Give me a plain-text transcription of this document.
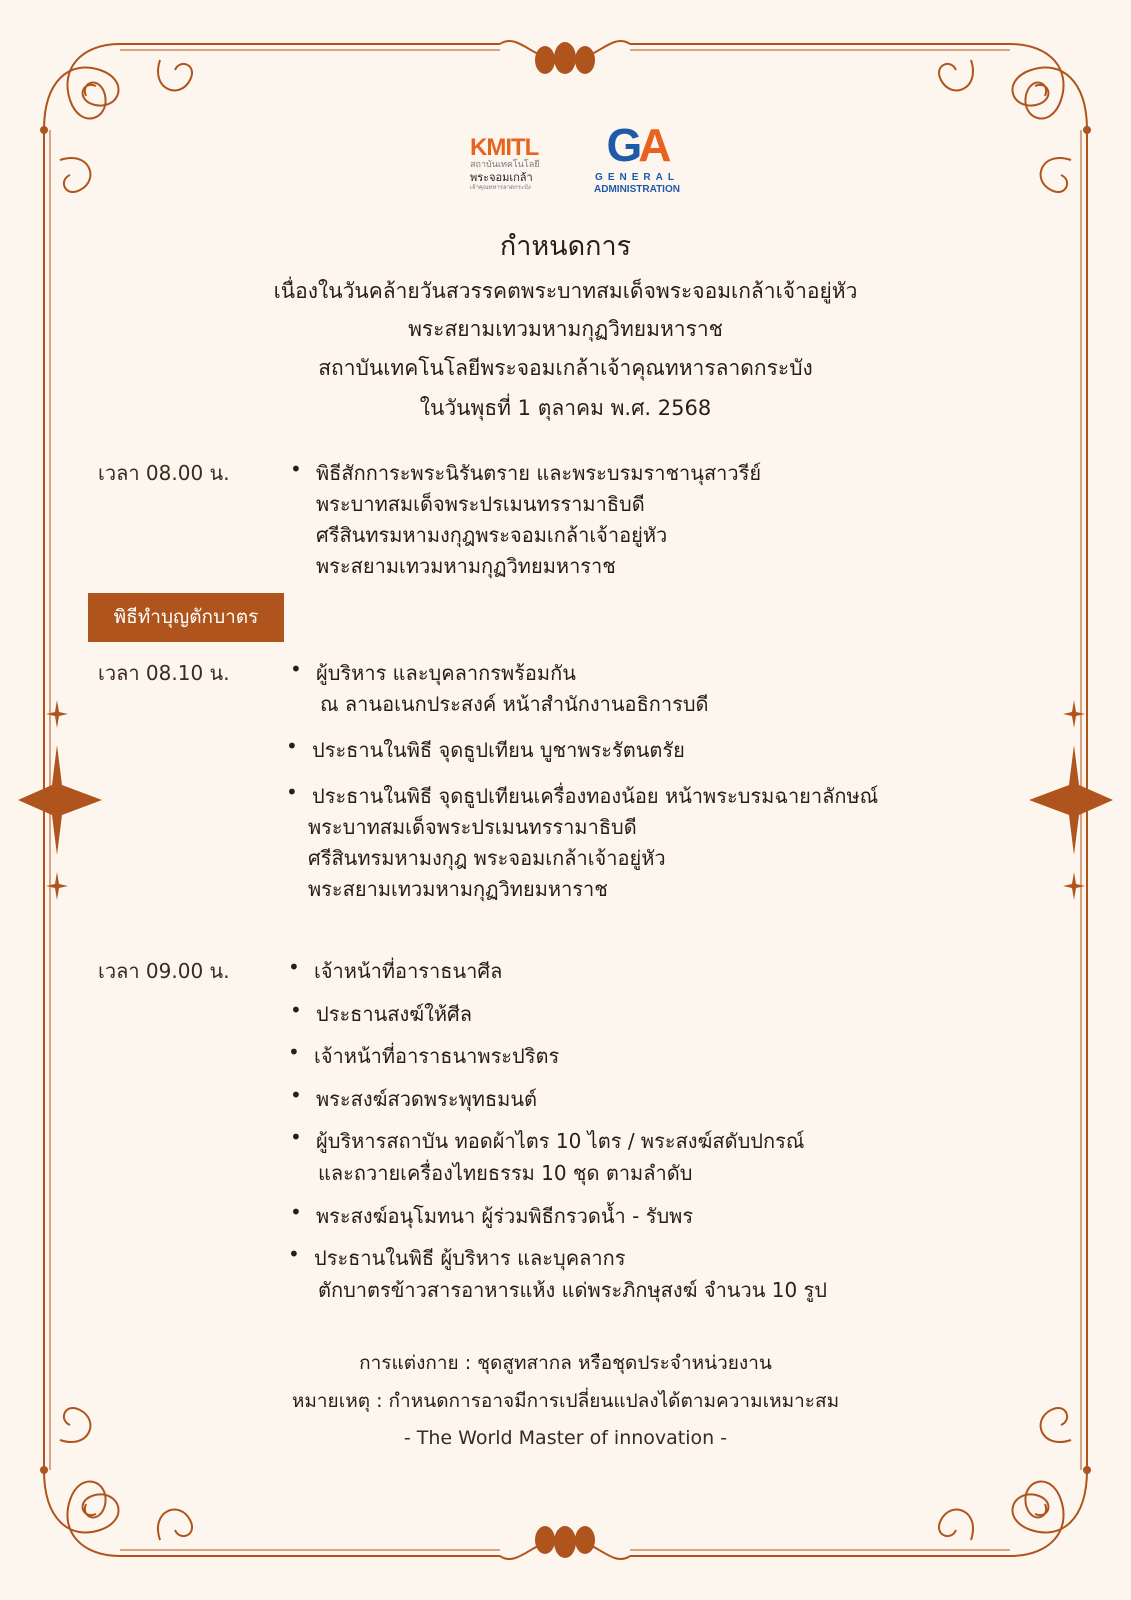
KMITL
สถาบันเทคโนโลยี
พระจอมเกล้า
เจ้าคุณทหารลาดกระบัง
GA
GENERAL
ADMINISTRATION
กำหนดการ
เนื่องในวันคล้ายวันสวรรคตพระบาทสมเด็จพระจอมเกล้าเจ้าอยู่หัว
พระสยามเทวมหามกุฏวิทยมหาราช
สถาบันเทคโนโลยีพระจอมเกล้าเจ้าคุณทหารลาดกระบัง
ในวันพุธที่ 1 ตุลาคม พ.ศ. 2568
เวลา 08.00 น.	• พิธีสักการะพระนิรันตราย และพระบรมราชานุสาวรีย์
พระบาทสมเด็จพระปรเมนทรรามาธิบดี
ศรีสินทรมหามงกุฎพระจอมเกล้าเจ้าอยู่หัว
พระสยามเทวมหามกุฏวิทยมหาราช
พิธีทำบุญตักบาตร
เวลา 08.10 น.	• ผู้บริหาร และบุคลากรพร้อมกัน
ณ ลานอเนกประสงค์ หน้าสำนักงานอธิการบดี
• ประธานในพิธี จุดธูปเทียน บูชาพระรัตนตรัย
• ประธานในพิธี จุดธูปเทียนเครื่องทองน้อย หน้าพระบรมฉายาลักษณ์
พระบาทสมเด็จพระปรเมนทรรามาธิบดี
ศรีสินทรมหามงกุฎ พระจอมเกล้าเจ้าอยู่หัว
พระสยามเทวมหามกุฏวิทยมหาราช
เวลา 09.00 น.	• เจ้าหน้าที่อาราธนาศีล
• ประธานสงฆ์ให้ศีล
• เจ้าหน้าที่อาราธนาพระปริตร
• พระสงฆ์สวดพระพุทธมนต์
• ผู้บริหารสถาบัน ทอดผ้าไตร 10 ไตร / พระสงฆ์สดับปกรณ์
และถวายเครื่องไทยธรรม 10 ชุด ตามลำดับ
• พระสงฆ์อนุโมทนา ผู้ร่วมพิธีกรวดน้ำ - รับพร
• ประธานในพิธี ผู้บริหาร และบุคลากร
ตักบาตรข้าวสารอาหารแห้ง แด่พระภิกษุสงฆ์ จำนวน 10 รูป
การแต่งกาย : ชุดสูทสากล หรือชุดประจำหน่วยงาน
หมายเหตุ : กำหนดการอาจมีการเปลี่ยนแปลงได้ตามความเหมาะสม
- The World Master of innovation -
